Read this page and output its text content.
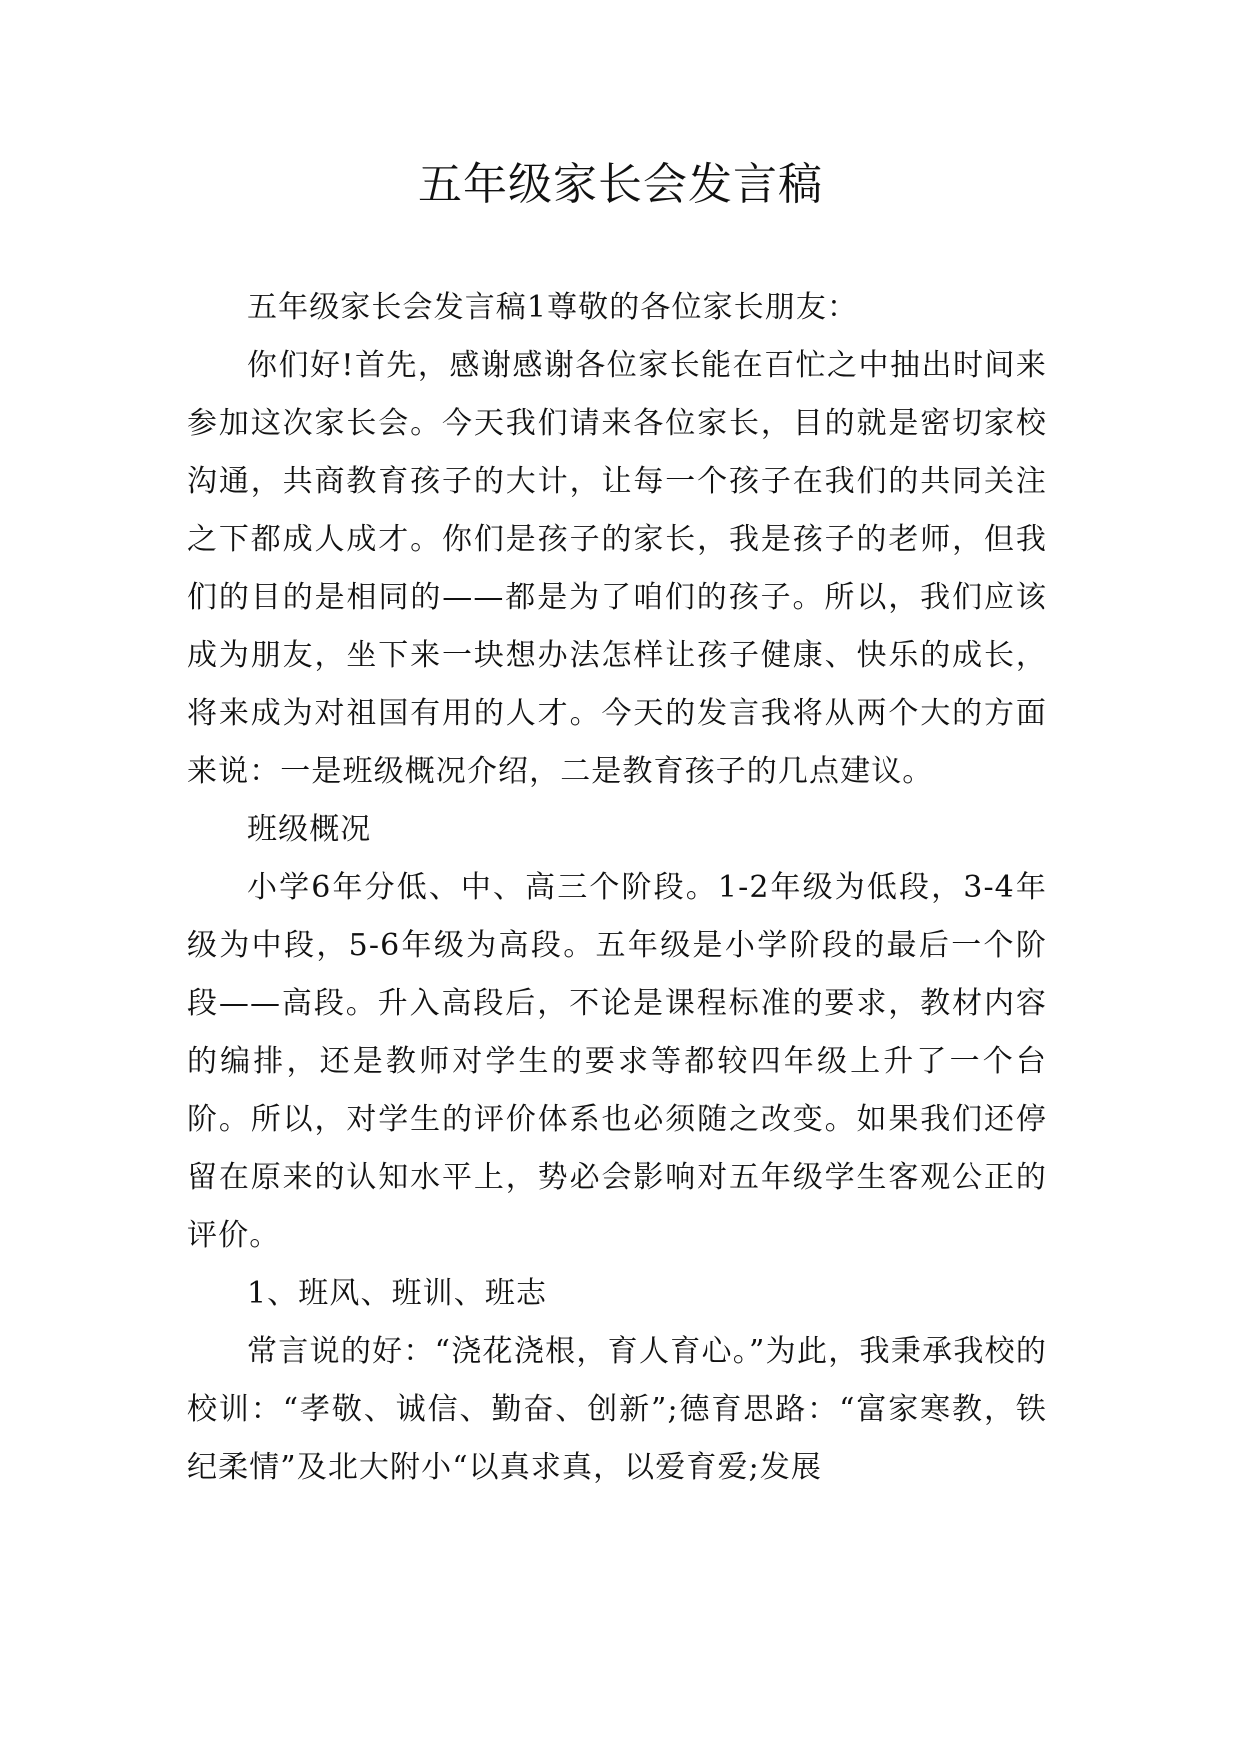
五年级家长会发言稿

五年级家长会发言稿1尊敬的各位家长朋友：

你们好!首先，感谢感谢各位家长能在百忙之中抽出时间来参加这次家长会。今天我们请来各位家长，目的就是密切家校沟通，共商教育孩子的大计，让每一个孩子在我们的共同关注之下都成人成才。你们是孩子的家长，我是孩子的老师，但我们的目的是相同的——都是为了咱们的孩子。所以，我们应该成为朋友，坐下来一块想办法怎样让孩子健康、快乐的成长，将来成为对祖国有用的人才。今天的发言我将从两个大的方面来说：一是班级概况介绍，二是教育孩子的几点建议。

班级概况

小学6年分低、中、高三个阶段。1-2年级为低段，3-4年级为中段，5-6年级为高段。五年级是小学阶段的最后一个阶段——高段。升入高段后，不论是课程标准的要求，教材内容的编排，还是教师对学生的要求等都较四年级上升了一个台阶。所以，对学生的评价体系也必须随之改变。如果我们还停留在原来的认知水平上，势必会影响对五年级学生客观公正的评价。

1、班风、班训、班志

常言说的好：“浇花浇根，育人育心。”为此，我秉承我校的校训：“孝敬、诚信、勤奋、创新”;德育思路：“富家寒教，铁纪柔情”及北大附小“以真求真，以爱育爱;发展
